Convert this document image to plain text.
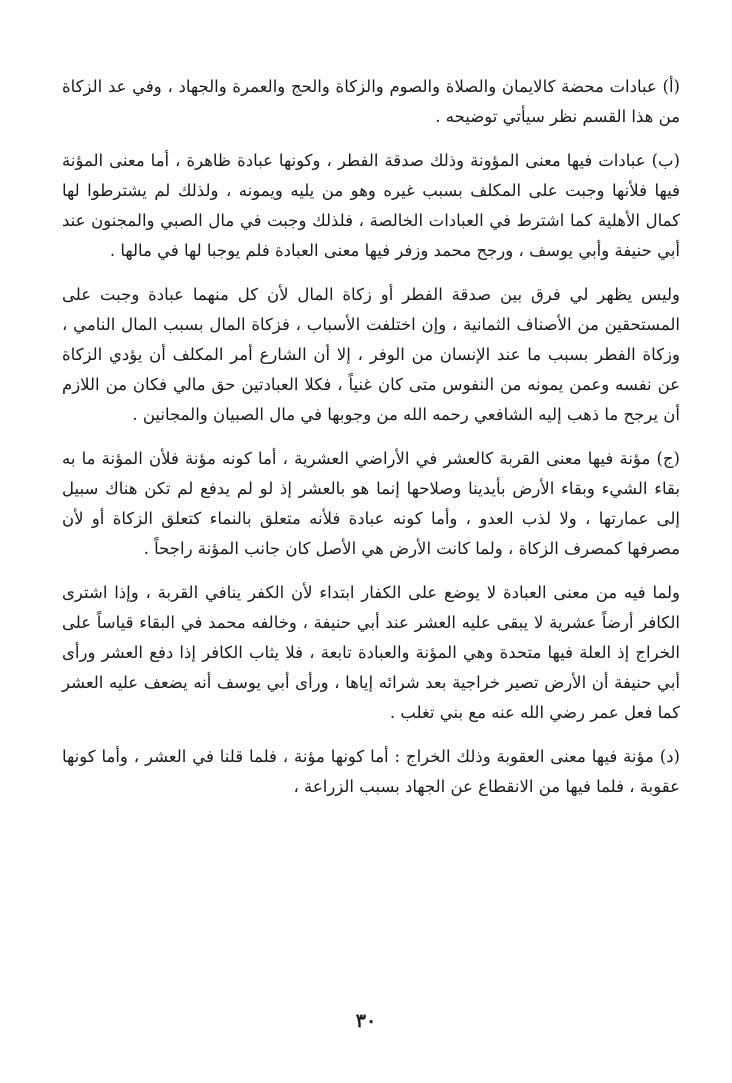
(أ) عبادات محضة كالايمان والصلاة والصوم والزكاة والحج والعمرة والجهاد ، وفي عد الزكاة من هذا القسم نظر سيأتي توضيحه .

(ب) عبادات فيها معنى المؤونة وذلك صدقة الفطر ، وكونها عبادة ظاهرة ، أما معنى المؤنة فيها فلأنها وجبت على المكلف بسبب غيره وهو من يليه ويمونه ، ولذلك لم يشترطوا لها كمال الأهلية كما اشترط في العبادات الخالصة ، فلذلك وجبت في مال الصبي والمجنون عند أبي حنيفة وأبي يوسف ، ورجح محمد وزفر فيها معنى العبادة فلم يوجبا لها في مالها .

وليس يظهر لي فرق بين صدقة الفطر أو زكاة المال لأن كل منهما عبادة وجبت على المستحقين من الأصناف الثمانية ، وإن اختلفت الأسباب ، فزكاة المال بسبب المال النامي ، وزكاة الفطر بسبب ما عند الإنسان من الوفر ، إلا أن الشارع أمر المكلف أن يؤدي الزكاة عن نفسه وعمن يمونه من النفوس متى كان غنياً ، فكلا العبادتين حق مالي فكان من اللازم أن يرجح ما ذهب إليه الشافعي رحمه الله من وجوبها في مال الصبيان والمجانين .

(ج) مؤنة فيها معنى القربة كالعشر في الأراضي العشرية ، أما كونه مؤنة فلأن المؤنة ما به بقاء الشيء وبقاء الأرض بأيدينا وصلاحها إنما هو بالعشر إذ لو لم يدفع لم تكن هناك سبيل إلى عمارتها ، ولا لذب العدو ، وأما كونه عبادة فلأنه متعلق بالنماء كتعلق الزكاة أو لأن مصرفها كمصرف الزكاة ، ولما كانت الأرض هي الأصل كان جانب المؤنة راجحاً .

ولما فيه من معنى العبادة لا يوضع على الكفار ابتداء لأن الكفر ينافي القربة ، وإذا اشترى الكافر أرضاً عشرية لا يبقى عليه العشر عند أبي حنيفة ، وخالفه محمد في البقاء قياساً على الخراج إذ العلة فيها متحدة وهي المؤنة والعبادة تابعة ، فلا يثاب الكافر إذا دفع العشر ورأى أبي حنيفة أن الأرض تصير خراجية بعد شرائه إياها ، ورأى أبي يوسف أنه يضعف عليه العشر كما فعل عمر رضي الله عنه مع بني تغلب .

(د) مؤنة فيها معنى العقوبة وذلك الخراج : أما كونها مؤنة ، فلما قلنا في العشر ، وأما كونها عقوبة ، فلما فيها من الانقطاع عن الجهاد بسبب الزراعة ،

٣٠
